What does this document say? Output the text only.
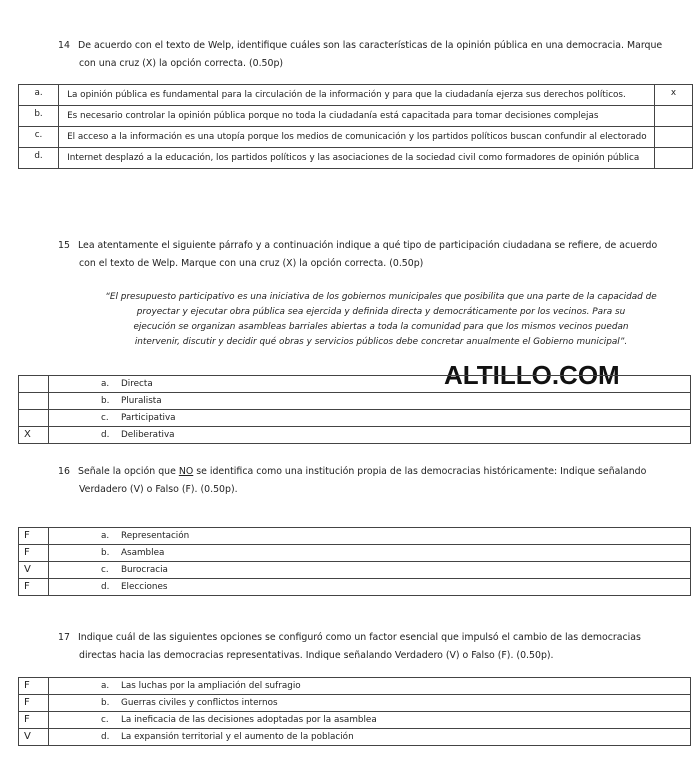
14 De acuerdo con el texto de Welp, identifique cuáles son las características de la opinión pública en una democracia. Marque
con una cruz (X) la opción correcta. (0.50p)
a.	La opinión pública es fundamental para la circulación de la información y para que la ciudadanía ejerza sus derechos políticos.	x
b.	Es necesario controlar la opinión pública porque no toda la ciudadanía está capacitada para tomar decisiones complejas	
c.	El acceso a la información es una utopía porque los medios de comunicación y los partidos políticos buscan confundir al electorado	
d.	Internet desplazó a la educación, los partidos políticos y las asociaciones de la sociedad civil como formadores de opinión pública	
15 Lea atentamente el siguiente párrafo y a continuación indique a qué tipo de participación ciudadana se refiere, de acuerdo
con el texto de Welp. Marque con una cruz (X) la opción correcta. (0.50p)
“El presupuesto participativo es una iniciativa de los gobiernos municipales que posibilita que una parte de la capacidad de
proyectar y ejecutar obra pública sea ejercida y definida directa y democráticamente por los vecinos. Para su
ejecución se organizan asambleas barriales abiertas a toda la comunidad para que los mismos vecinos puedan
intervenir, discutir y decidir qué obras y servicios públicos debe concretar anualmente el Gobierno municipal”.
ALTILLO.COM
	a. Directa
	b. Pluralista
	c. Participativa
X	d. Deliberativa
16 Señale la opción que NO se identifica como una institución propia de las democracias históricamente: Indique señalando
Verdadero (V) o Falso (F). (0.50p).
F	a. Representación
F	b. Asamblea
V	c. Burocracia
F	d. Elecciones
17 Indique cuál de las siguientes opciones se configuró como un factor esencial que impulsó el cambio de las democracias
directas hacia las democracias representativas. Indique señalando Verdadero (V) o Falso (F). (0.50p).
F	a. Las luchas por la ampliación del sufragio
F	b. Guerras civiles y conflictos internos
F	c. La ineficacia de las decisiones adoptadas por la asamblea
V	d. La expansión territorial y el aumento de la población
